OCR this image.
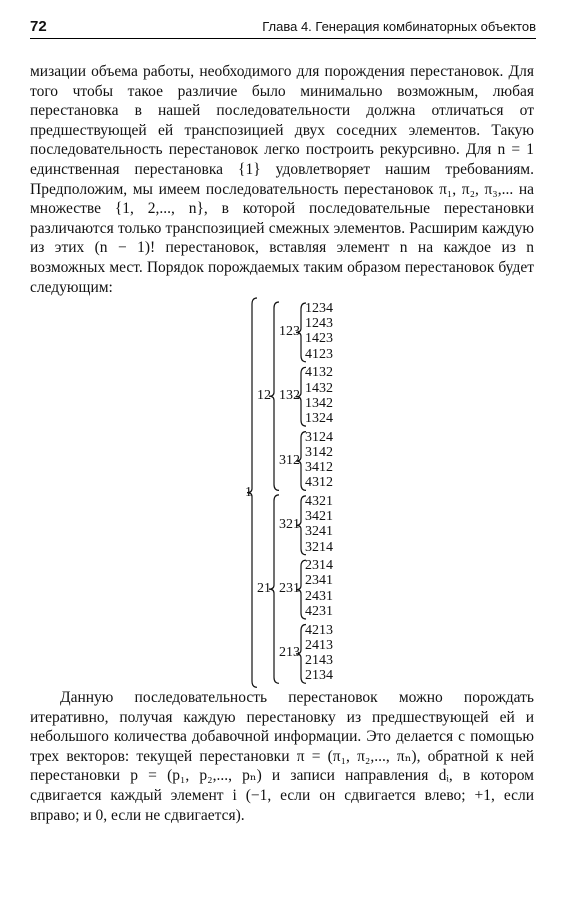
72	Глава 4. Генерация комбинаторных объектов

мизации объема работы, необходимого для порождения перестановок. Для того чтобы такое различие было минимально возможным, любая перестановка в нашей последовательности должна отличаться от предшествующей ей транспозицией двух соседних элементов. Такую последовательность перестановок легко построить рекурсивно. Для n = 1 единственная перестановка {1} удовлетворяет нашим требованиям. Предположим, мы имеем последовательность перестановок π₁, π₂, π₃,... на множестве {1, 2,..., n}, в которой последовательные перестановки различаются только транспозицией смежных элементов. Расширим каждую из этих (n − 1)! перестановок, вставляя элемент n на каждое из n возможных мест. Порядок порождаемых таким образом перестановок будет следующим:

1234
1243
1423
4123
4132
1432
1342
1324
3124
3142
3412
4312
4321
3421
3241
3214
2314
2341
2431
4231
4213
2413
2143
2134
123
132
312
321
231
213
12
21
1

Данную последовательность перестановок можно порождать итеративно, получая каждую перестановку из предшествующей ей и небольшого количества добавочной информации. Это делается с помощью трех векторов: текущей перестановки π = (π₁, π₂,..., πₙ), обратной к ней перестановки p = (p₁, p₂,..., pₙ) и записи направления dᵢ, в котором сдвигается каждый элемент i (−1, если он сдвигается влево; +1, если вправо; и 0, если не сдвигается).
